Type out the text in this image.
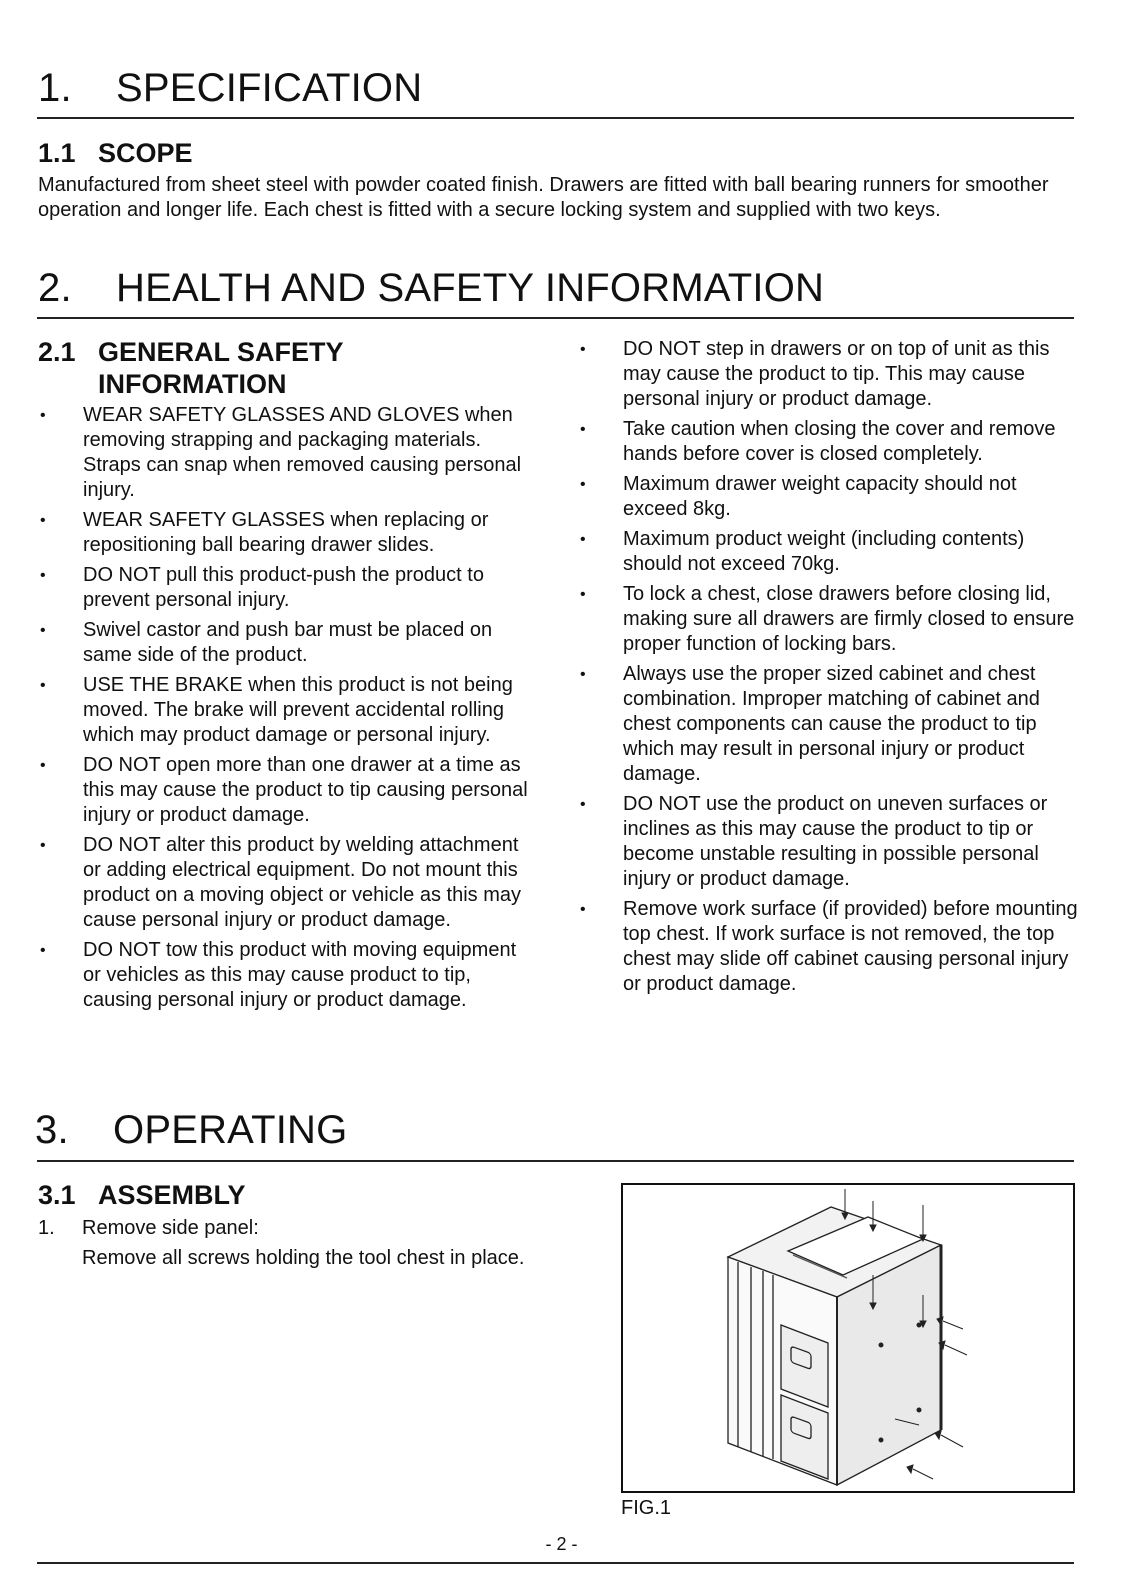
1. SPECIFICATION
1.1 SCOPE
Manufactured from sheet steel with powder coated finish. Drawers are fitted with ball bearing runners for smoother operation and longer life. Each chest is fitted with a secure locking system and supplied with two keys.
2. HEALTH AND SAFETY INFORMATION
2.1 GENERAL SAFETY
INFORMATION
• WEAR SAFETY GLASSES AND GLOVES when removing strapping and packaging materials. Straps can snap when removed causing personal injury.
• WEAR SAFETY GLASSES when replacing or repositioning ball bearing drawer slides.
• DO NOT pull this product-push the product to prevent personal injury.
• Swivel castor and push bar must be placed on same side of the product.
• USE THE BRAKE when this product is not being moved. The brake will prevent accidental rolling which may product damage or personal injury.
• DO NOT open more than one drawer at a time as this may cause the product to tip causing personal injury or product damage.
• DO NOT alter this product by welding attachment or adding electrical equipment. Do not mount this product on a moving object or vehicle as this may cause personal injury or product damage.
• DO NOT tow this product with moving equipment or vehicles as this may cause product to tip, causing personal injury or product damage.
• DO NOT step in drawers or on top of unit as this may cause the product to tip. This may cause personal injury or product damage.
• Take caution when closing the cover and remove hands before cover is closed completely.
• Maximum drawer weight capacity should not exceed 8kg.
• Maximum product weight (including contents) should not exceed 70kg.
• To lock a chest, close drawers before closing lid, making sure all drawers are firmly closed to ensure proper function of locking bars.
• Always use the proper sized cabinet and chest combination. Improper matching of cabinet and chest components can cause the product to tip which may result in personal injury or product damage.
• DO NOT use the product on uneven surfaces or inclines as this may cause the product to tip or become unstable resulting in possible personal injury or product damage.
• Remove work surface (if provided) before mounting top chest. If work surface is not removed, the top chest may slide off cabinet causing personal injury or product damage.
3. OPERATING
3.1 ASSEMBLY
1. Remove side panel:
Remove all screws holding the tool chest in place.
FIG.1
- 2 -
